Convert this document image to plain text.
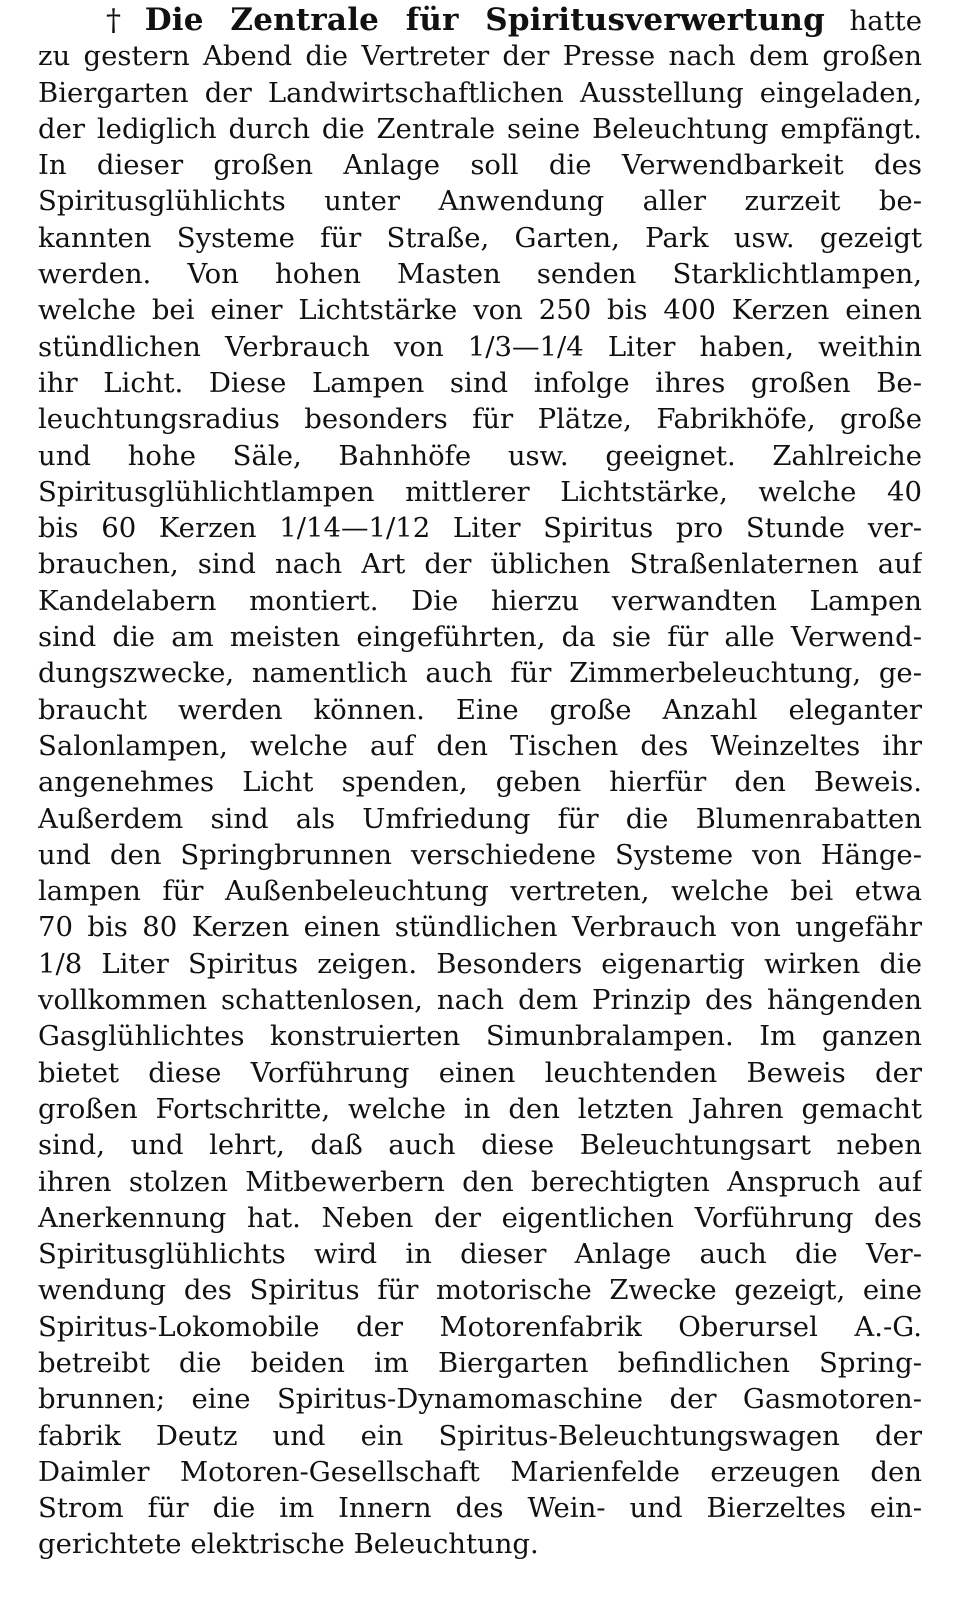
† Die Zentrale für Spiritusverwertung hatte
zu gestern Abend die Vertreter der Presse nach dem großen
Biergarten der Landwirtschaftlichen Ausstellung eingeladen,
der lediglich durch die Zentrale seine Beleuchtung empfängt.
In dieser großen Anlage soll die Verwendbarkeit des
Spiritusglühlichts unter Anwendung aller zurzeit be-
kannten Systeme für Straße, Garten, Park usw. gezeigt
werden. Von hohen Masten senden Starklichtlampen,
welche bei einer Lichtstärke von 250 bis 400 Kerzen einen
stündlichen Verbrauch von 1/3—1/4 Liter haben, weithin
ihr Licht. Diese Lampen sind infolge ihres großen Be-
leuchtungsradius besonders für Plätze, Fabrikhöfe, große
und hohe Säle, Bahnhöfe usw. geeignet. Zahlreiche
Spiritusglühlichtlampen mittlerer Lichtstärke, welche 40
bis 60 Kerzen 1/14—1/12 Liter Spiritus pro Stunde ver-
brauchen, sind nach Art der üblichen Straßenlaternen auf
Kandelabern montiert. Die hierzu verwandten Lampen
sind die am meisten eingeführten, da sie für alle Verwend-
dungszwecke, namentlich auch für Zimmerbeleuchtung, ge-
braucht werden können. Eine große Anzahl eleganter
Salonlampen, welche auf den Tischen des Weinzeltes ihr
angenehmes Licht spenden, geben hierfür den Beweis.
Außerdem sind als Umfriedung für die Blumenrabatten
und den Springbrunnen verschiedene Systeme von Hänge-
lampen für Außenbeleuchtung vertreten, welche bei etwa
70 bis 80 Kerzen einen stündlichen Verbrauch von ungefähr
1/8 Liter Spiritus zeigen. Besonders eigenartig wirken die
vollkommen schattenlosen, nach dem Prinzip des hängenden
Gasglühlichtes konstruierten Simunbralampen. Im ganzen
bietet diese Vorführung einen leuchtenden Beweis der
großen Fortschritte, welche in den letzten Jahren gemacht
sind, und lehrt, daß auch diese Beleuchtungsart neben
ihren stolzen Mitbewerbern den berechtigten Anspruch auf
Anerkennung hat. Neben der eigentlichen Vorführung des
Spiritusglühlichts wird in dieser Anlage auch die Ver-
wendung des Spiritus für motorische Zwecke gezeigt, eine
Spiritus-Lokomobile der Motorenfabrik Oberursel A.-G.
betreibt die beiden im Biergarten befindlichen Spring-
brunnen; eine Spiritus-Dynamomaschine der Gasmotoren-
fabrik Deutz und ein Spiritus-Beleuchtungswagen der
Daimler Motoren-Gesellschaft Marienfelde erzeugen den
Strom für die im Innern des Wein- und Bierzeltes ein-
gerichtete elektrische Beleuchtung.
